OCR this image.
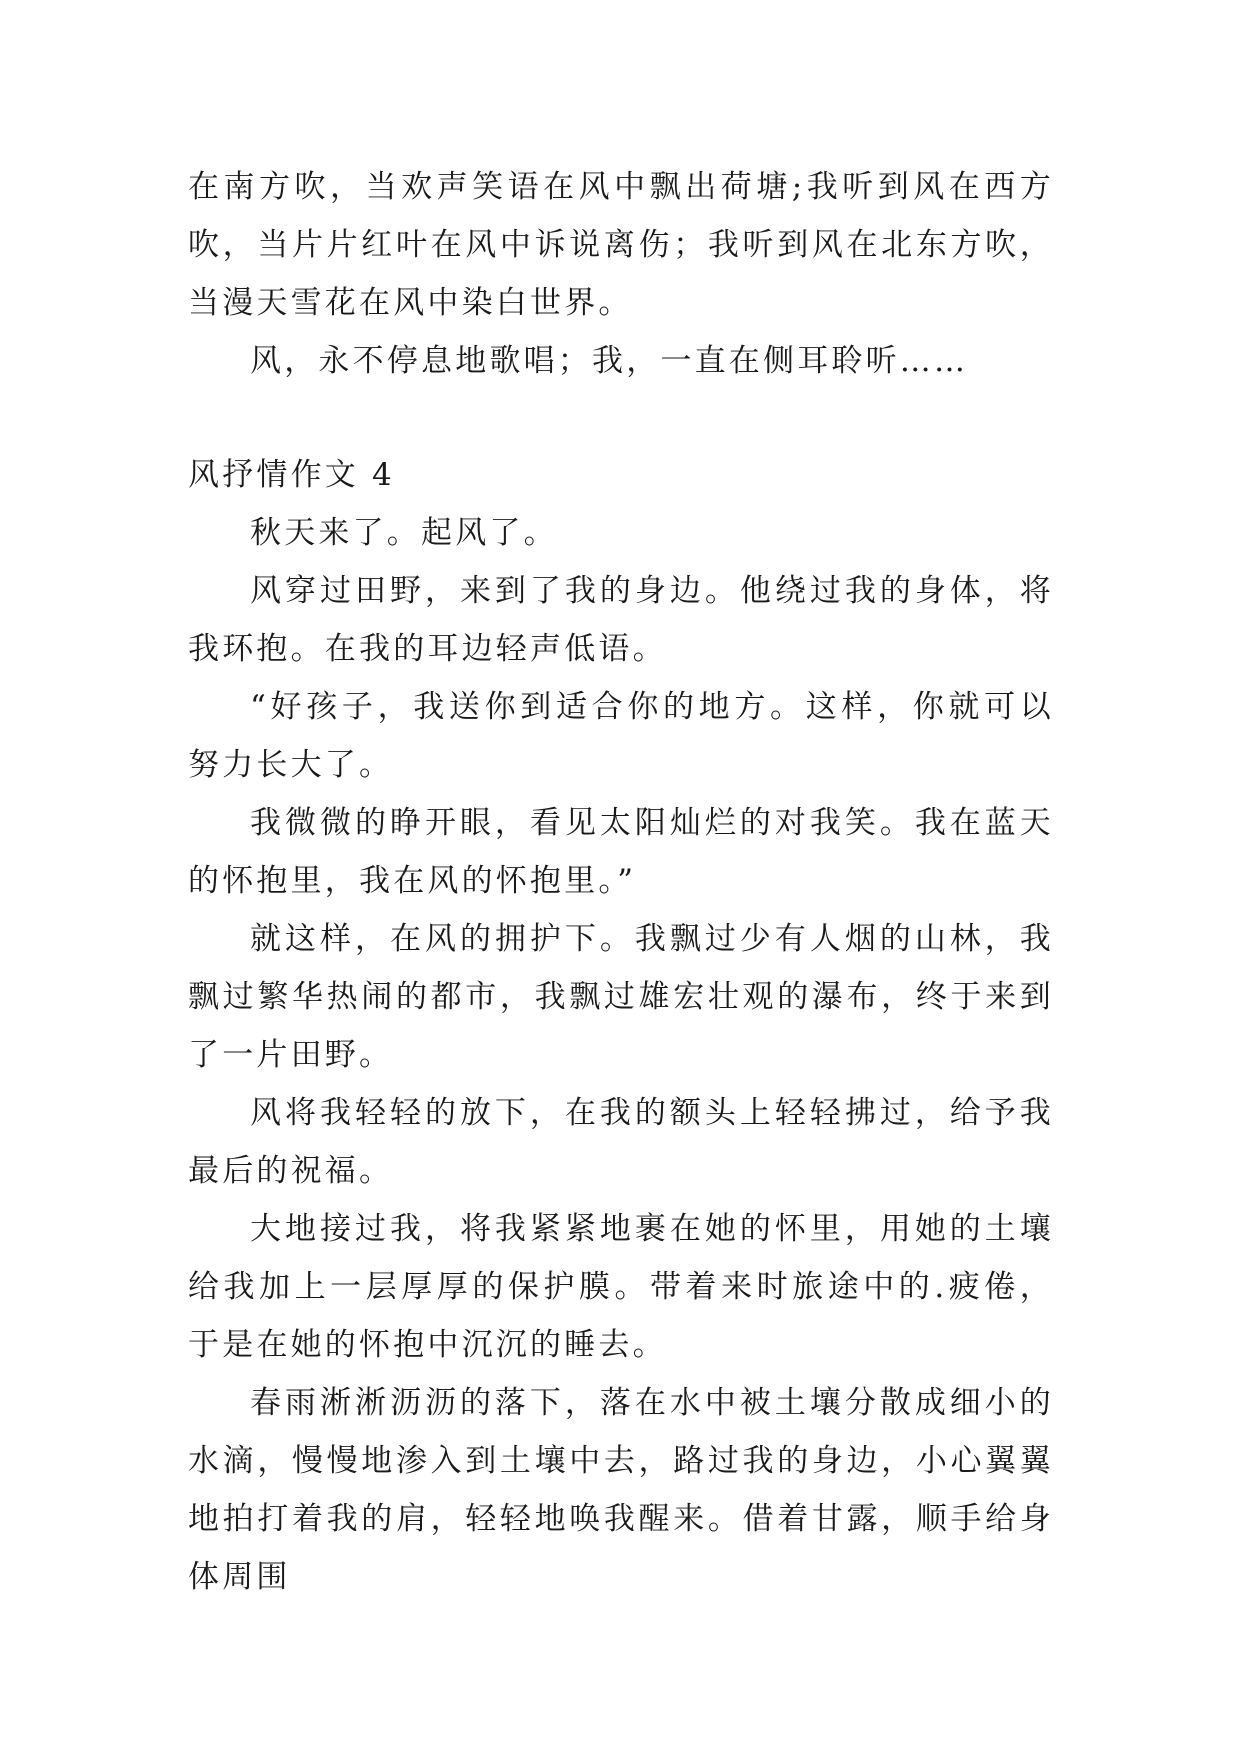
在南方吹，当欢声笑语在风中飘出荷塘;我听到风在西方吹，当片片红叶在风中诉说离伤；我听到风在北东方吹，当漫天雪花在风中染白世界。

风，永不停息地歌唱；我，一直在侧耳聆听……

风抒情作文 4

秋天来了。起风了。

风穿过田野，来到了我的身边。他绕过我的身体，将我环抱。在我的耳边轻声低语。

“好孩子，我送你到适合你的地方。这样，你就可以努力长大了。

我微微的睁开眼，看见太阳灿烂的对我笑。我在蓝天的怀抱里，我在风的怀抱里。”

就这样，在风的拥护下。我飘过少有人烟的山林，我飘过繁华热闹的都市，我飘过雄宏壮观的瀑布，终于来到了一片田野。

风将我轻轻的放下，在我的额头上轻轻拂过，给予我最后的祝福。

大地接过我，将我紧紧地裹在她的怀里，用她的土壤给我加上一层厚厚的保护膜。带着来时旅途中的.疲倦，于是在她的怀抱中沉沉的睡去。

春雨淅淅沥沥的落下，落在水中被土壤分散成细小的水滴，慢慢地渗入到土壤中去，路过我的身边，小心翼翼地拍打着我的肩，轻轻地唤我醒来。借着甘露，顺手给身体周围
